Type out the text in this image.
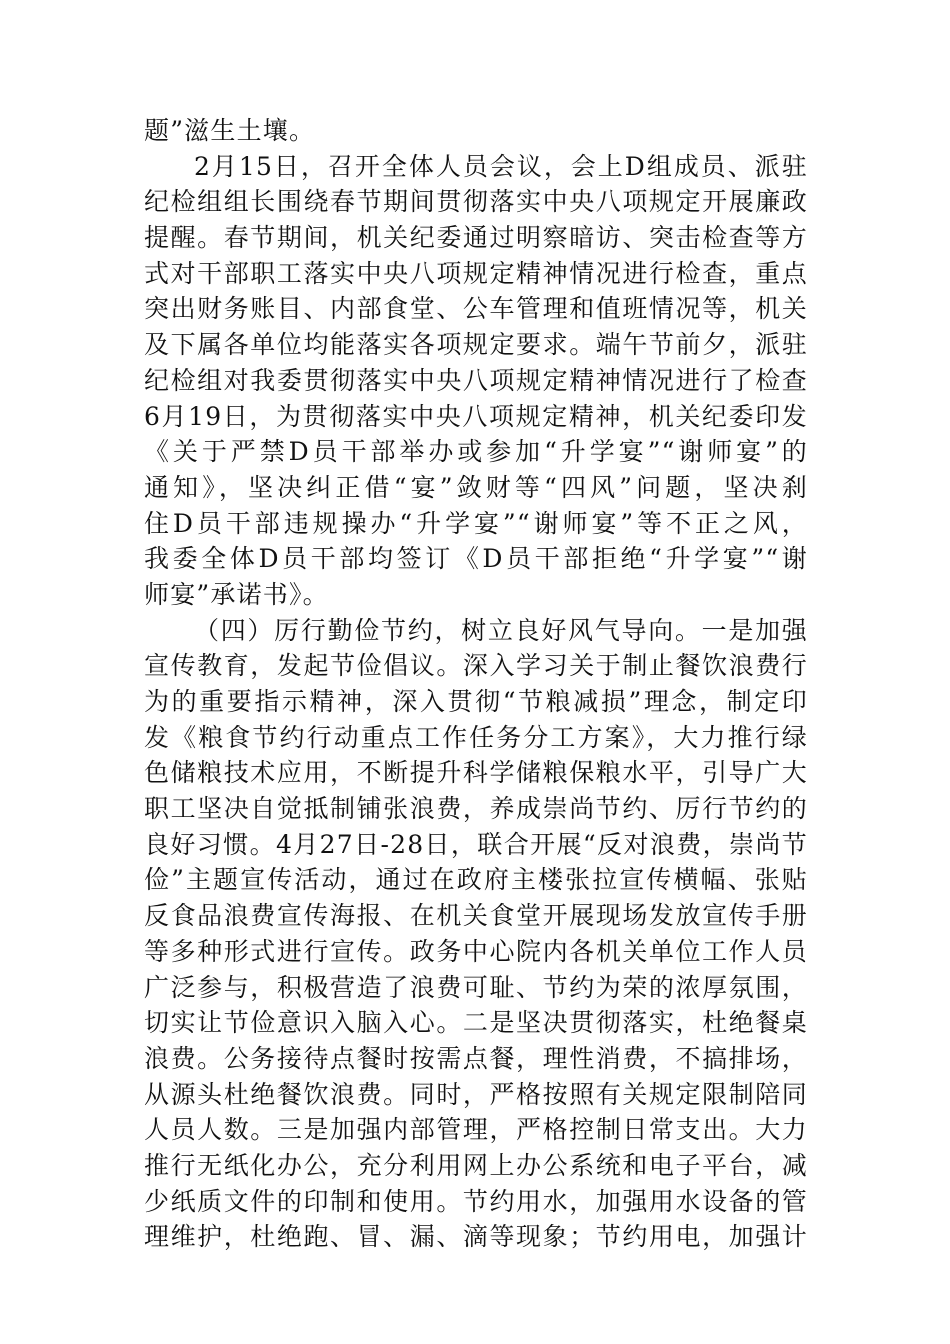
题”滋生土壤。
2月15日，召开全体人员会议，会上D组成员、派驻
纪检组组长围绕春节期间贯彻落实中央八项规定开展廉政
提醒。春节期间，机关纪委通过明察暗访、突击检查等方
式对干部职工落实中央八项规定精神情况进行检查，重点
突出财务账目、内部食堂、公车管理和值班情况等，机关
及下属各单位均能落实各项规定要求。端午节前夕，派驻
纪检组对我委贯彻落实中央八项规定精神情况进行了检查
6月19日，为贯彻落实中央八项规定精神，机关纪委印发
《关于严禁D员干部举办或参加“升学宴”“谢师宴”的
通知》，坚决纠正借“宴”敛财等“四风”问题，坚决刹
住D员干部违规操办“升学宴”“谢师宴”等不正之风，
我委全体D员干部均签订《D员干部拒绝“升学宴”“谢
师宴”承诺书》。
（四）厉行勤俭节约，树立良好风气导向。一是加强
宣传教育，发起节俭倡议。深入学习关于制止餐饮浪费行
为的重要指示精神，深入贯彻“节粮减损”理念，制定印
发《粮食节约行动重点工作任务分工方案》，大力推行绿
色储粮技术应用，不断提升科学储粮保粮水平，引导广大
职工坚决自觉抵制铺张浪费，养成崇尚节约、厉行节约的
良好习惯。4月27日-28日，联合开展“反对浪费，崇尚节
俭”主题宣传活动，通过在政府主楼张拉宣传横幅、张贴
反食品浪费宣传海报、在机关食堂开展现场发放宣传手册
等多种形式进行宣传。政务中心院内各机关单位工作人员
广泛参与，积极营造了浪费可耻、节约为荣的浓厚氛围，
切实让节俭意识入脑入心。二是坚决贯彻落实，杜绝餐桌
浪费。公务接待点餐时按需点餐，理性消费，不搞排场，
从源头杜绝餐饮浪费。同时，严格按照有关规定限制陪同
人员人数。三是加强内部管理，严格控制日常支出。大力
推行无纸化办公，充分利用网上办公系统和电子平台，减
少纸质文件的印制和使用。节约用水，加强用水设备的管
理维护，杜绝跑、冒、漏、滴等现象；节约用电，加强计
